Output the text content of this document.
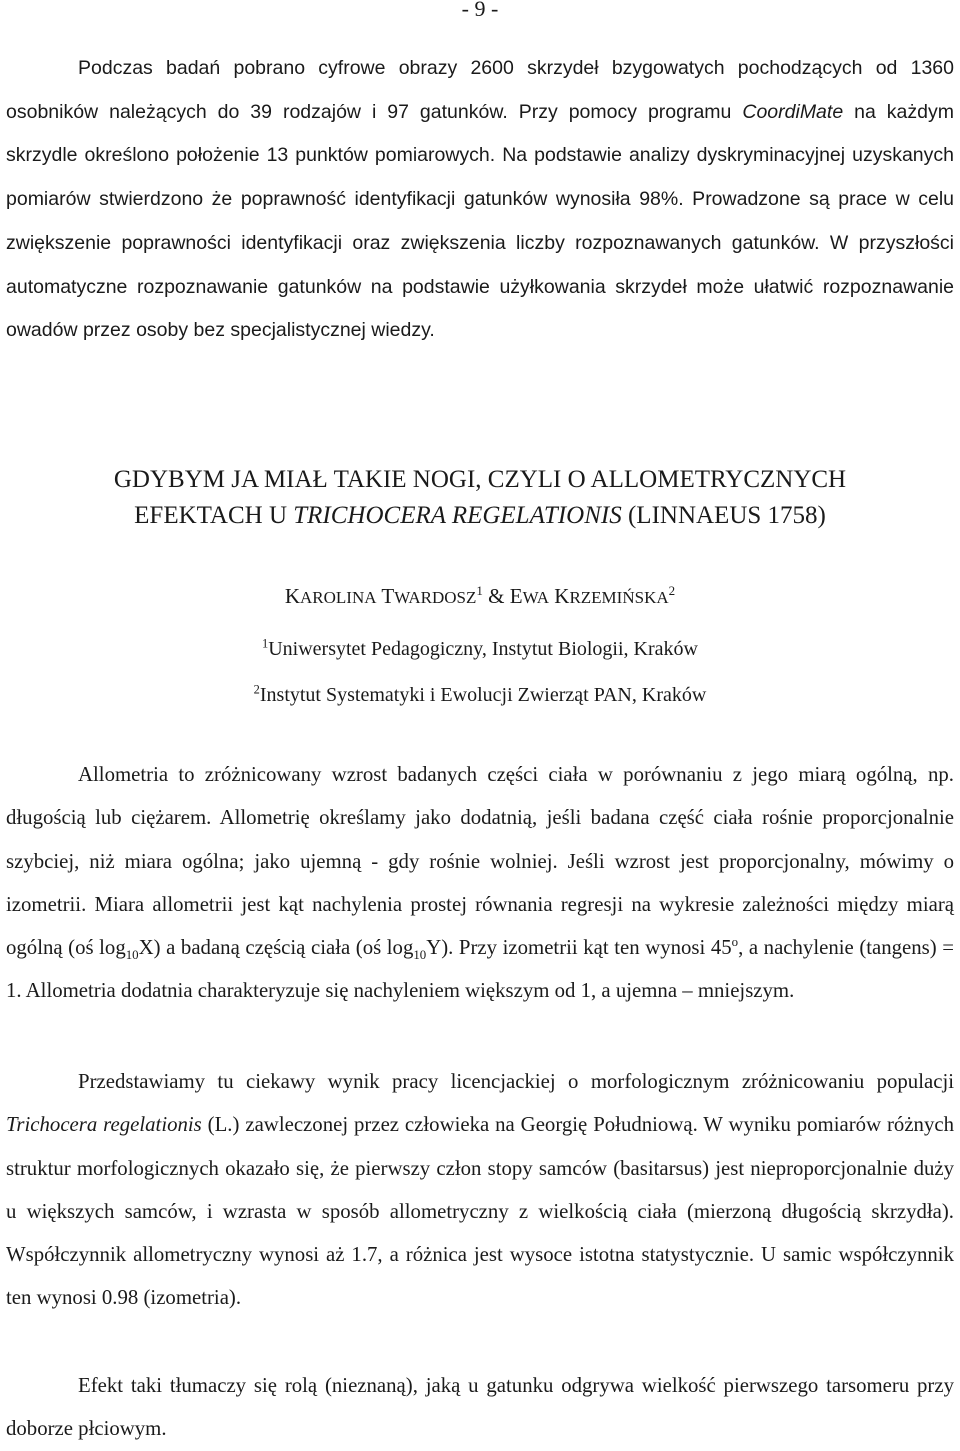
- 9 -

Podczas badań pobrano cyfrowe obrazy 2600 skrzydeł bzygowatych pochodzących od 1360 osobników należących do 39 rodzajów i 97 gatunków. Przy pomocy programu CoordiMate na każdym skrzydle określono położenie 13 punktów pomiarowych. Na podstawie analizy dyskryminacyjnej uzyskanych pomiarów stwierdzono że poprawność identyfikacji gatunków wynosiła 98%. Prowadzone są prace w celu zwiększenie poprawności identyfikacji oraz zwiększenia liczby rozpoznawanych gatunków. W przyszłości automatyczne rozpoznawanie gatunków na podstawie użyłkowania skrzydeł może ułatwić rozpoznawanie owadów przez osoby bez specjalistycznej wiedzy.

GDYBYM JA MIAŁ TAKIE NOGI, CZYLI O ALLOMETRYCZNYCH
EFEKTACH U TRICHOCERA REGELATIONIS (LINNAEUS 1758)
KAROLINA TWARDOSZ$^1$ & EWA KRZEMIŃSKA$^2$
$^1$Uniwersytet Pedagogiczny, Instytut Biologii, Kraków
$^2$Instytut Systematyki i Ewolucji Zwierząt PAN, Kraków

Allometria to zróżnicowany wzrost badanych części ciała w porównaniu z jego miarą ogólną, np. długością lub ciężarem. Allometrię określamy jako dodatnią, jeśli badana część ciała rośnie proporcjonalnie szybciej, niż miara ogólna; jako ujemną - gdy rośnie wolniej. Jeśli wzrost jest proporcjonalny, mówimy o izometrii. Miara allometrii jest kąt nachylenia prostej równania regresji na wykresie zależności między miarą ogólną (oś $\log_{10}X$) a badaną częścią ciała (oś $\log_{10}Y$). Przy izometrii kąt ten wynosi 45$^o$, a nachylenie (tangens) = 1. Allometria dodatnia charakteryzuje się nachyleniem większym od 1, a ujemna – mniejszym.

Przedstawiamy tu ciekawy wynik pracy licencjackiej o morfologicznym zróżnicowaniu populacji Trichocera regelationis (L.) zawleczonej przez człowieka na Georgię Południową. W wyniku pomiarów różnych struktur morfologicznych okazało się, że pierwszy człon stopy samców (basitarsus) jest nieproporcjonalnie duży u większych samców, i wzrasta w sposób allometryczny z wielkością ciała (mierzoną długością skrzydła). Współczynnik allometryczny wynosi aż 1.7, a różnica jest wysoce istotna statystycznie. U samic współczynnik ten wynosi 0.98 (izometria).

Efekt taki tłumaczy się rolą (nieznaną), jaką u gatunku odgrywa wielkość pierwszego tarsomeru przy doborze płciowym.
